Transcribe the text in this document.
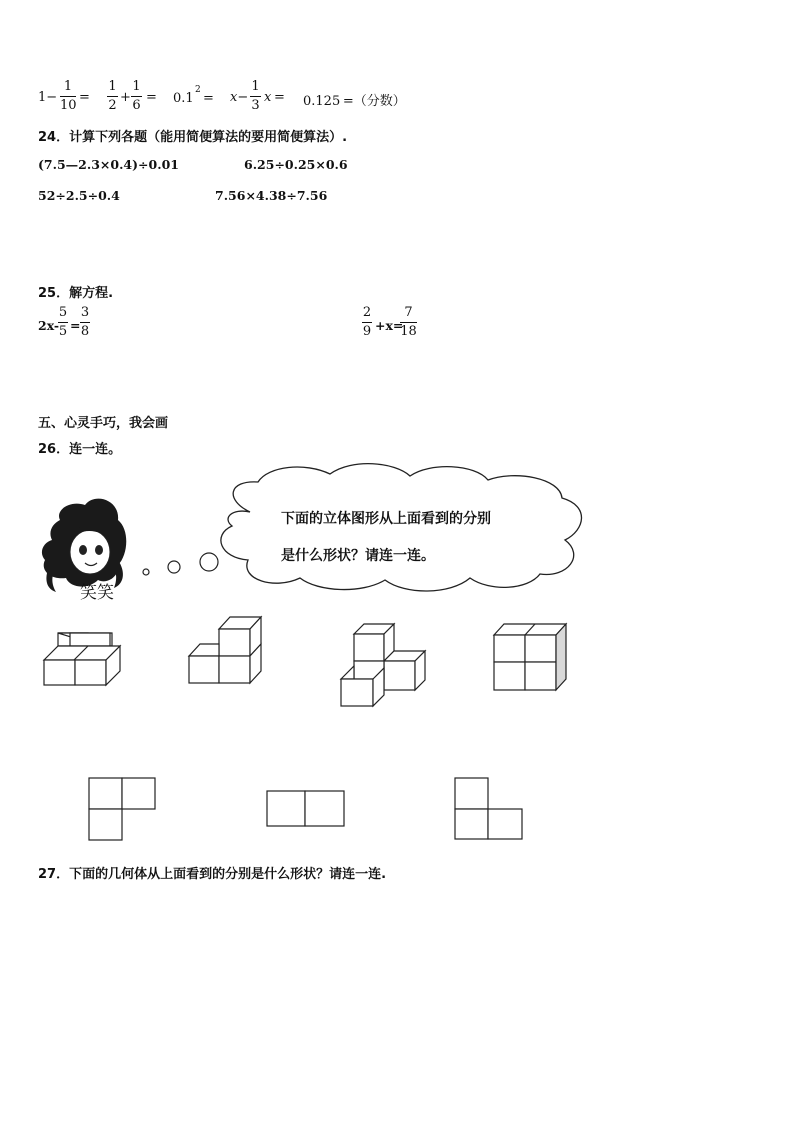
1−
1
10
=
1
2
+
1
6
= 0.1
2
= x−
1
3
x = 0.125 =（分数）
24．计算下列各题（能用简便算法的要用简便算法）.
(7.5—2.3×0.4)÷0.01	6.25÷0.25×0.6
52÷2.5÷0.4	7.56×4.38÷7.56
25．解方程.
2x-
5
5 =
3
8
2
9 +x=
7
18
五、心灵手巧，我会画
26．连一连。
下面的立体图形从上面看到的分别
是什么形状？请连一连。
笑笑
27．下面的几何体从上面看到的分别是什么形状？请连一连.
